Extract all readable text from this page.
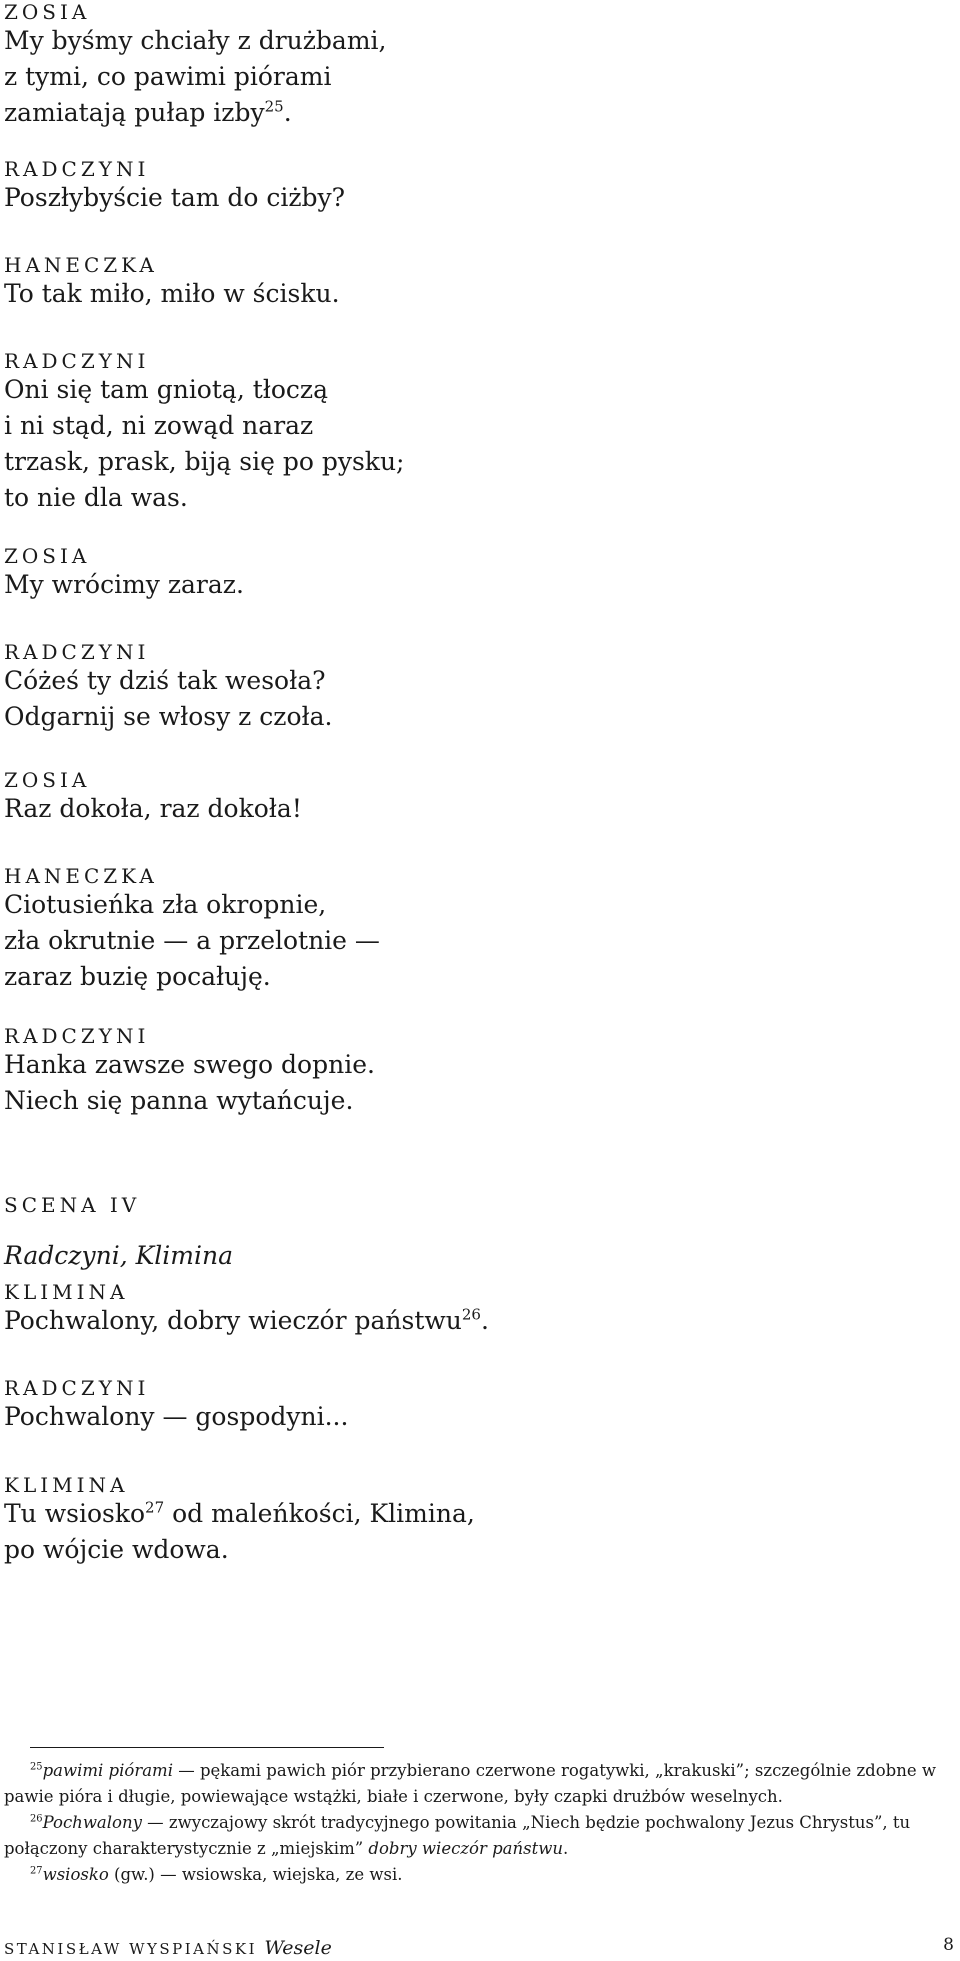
ZOSIA
My byśmy chciały z drużbami,
z tymi, co pawimi piórami
zamiatają pułap izby$^{25}$.
RADCZYNI
Poszłybyście tam do ciżby?
HANECZKA
To tak miło, miło w ścisku.
RADCZYNI
Oni się tam gniotą, tłoczą
i ni stąd, ni zowąd naraz
trzask, prask, biją się po pysku;
to nie dla was.
ZOSIA
My wrócimy zaraz.
RADCZYNI
Cóżeś ty dziś tak wesoła?
Odgarnij se włosy z czoła.
ZOSIA
Raz dokoła, raz dokoła!
HANECZKA
Ciotusieńka zła okropnie,
zła okrutnie — a przelotnie —
zaraz buzię pocałuję.
RADCZYNI
Hanka zawsze swego dopnie.
Niech się panna wytańcuje.
SCENA IV
Radczyni, Klimina
KLIMINA
Pochwalony, dobry wieczór państwu$^{26}$.
RADCZYNI
Pochwalony — gospodyni...
KLIMINA
Tu wsiosko$^{27}$ od maleńkości, Klimina,
po wójcie wdowa.
$^{25}$pawimi piórami — pękami pawich piór przybierano czerwone rogatywki, „krakuski”; szczególnie zdobne w pawie pióra i długie, powiewające wstążki, białe i czerwone, były czapki drużbów weselnych.
$^{26}$Pochwalony — zwyczajowy skrót tradycyjnego powitania „Niech będzie pochwalony Jezus Chrystus”, tu połączony charakterystycznie z „miejskim” dobry wieczór państwu.
$^{27}$wsiosko (gw.) — wsiowska, wiejska, ze wsi.
STANISŁAW WYSPIAŃSKI Wesele	8
